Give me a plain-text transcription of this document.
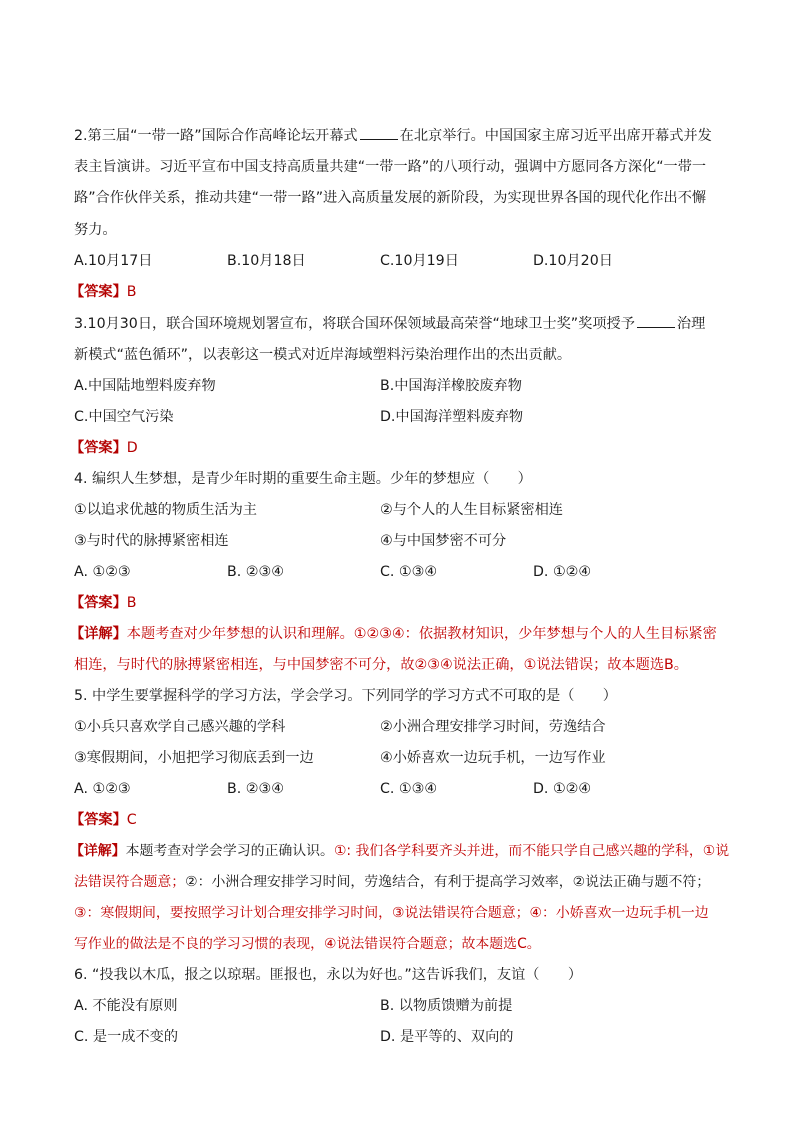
2.第三届“一带一路”国际合作高峰论坛开幕式	在北京举行。中国国家主席习近平出席开幕式并发
表主旨演讲。习近平宣布中国支持高质量共建“一带一路”的八项行动，强调中方愿同各方深化“一带一
路”合作伙伴关系，推动共建“一带一路”进入高质量发展的新阶段，为实现世界各国的现代化作出不懈
努力。
A.10月17日	B.10月18日	C.10月19日	D.10月20日
【答案】B
3.10月30日，联合国环境规划署宣布，将联合国环保领域最高荣誉“地球卫士奖”奖项授予	治理
新模式“蓝色循环”，以表彰这一模式对近岸海域塑料污染治理作出的杰出贡献。
A.中国陆地塑料废弃物	B.中国海洋橡胶废弃物
C.中国空气污染	D.中国海洋塑料废弃物
【答案】D
4. 编织人生梦想，是青少年时期的重要生命主题。少年的梦想应（　　）
①以追求优越的物质生活为主	②与个人的人生目标紧密相连
③与时代的脉搏紧密相连	④与中国梦密不可分
A. ①②③	B. ②③④	C. ①③④	D. ①②④
【答案】B
【详解】本题考查对少年梦想的认识和理解。①②③④：依据教材知识，少年梦想与个人的人生目标紧密
相连，与时代的脉搏紧密相连，与中国梦密不可分，故②③④说法正确，①说法错误；故本题选B。
5. 中学生要掌握科学的学习方法，学会学习。下列同学的学习方式不可取的是（　　）
①小兵只喜欢学自己感兴趣的学科	②小洲合理安排学习时间，劳逸结合
③寒假期间，小旭把学习彻底丢到一边	④小娇喜欢一边玩手机，一边写作业
A. ①②③	B. ②③④	C. ①③④	D. ①②④
【答案】C
【详解】本题考查对学会学习的正确认识。①: 我们各学科要齐头并进，而不能只学自己感兴趣的学科，①说
法错误符合题意；②：小洲合理安排学习时间，劳逸结合，有利于提高学习效率，②说法正确与题不符；
③：寒假期间，要按照学习计划合理安排学习时间，③说法错误符合题意；④：小娇喜欢一边玩手机一边
写作业的做法是不良的学习习惯的表现，④说法错误符合题意；故本题选C。
6. “投我以木瓜，报之以琼琚。匪报也，永以为好也。”这告诉我们，友谊（　　）
A. 不能没有原则	B. 以物质馈赠为前提
C. 是一成不变的	D. 是平等的、双向的
